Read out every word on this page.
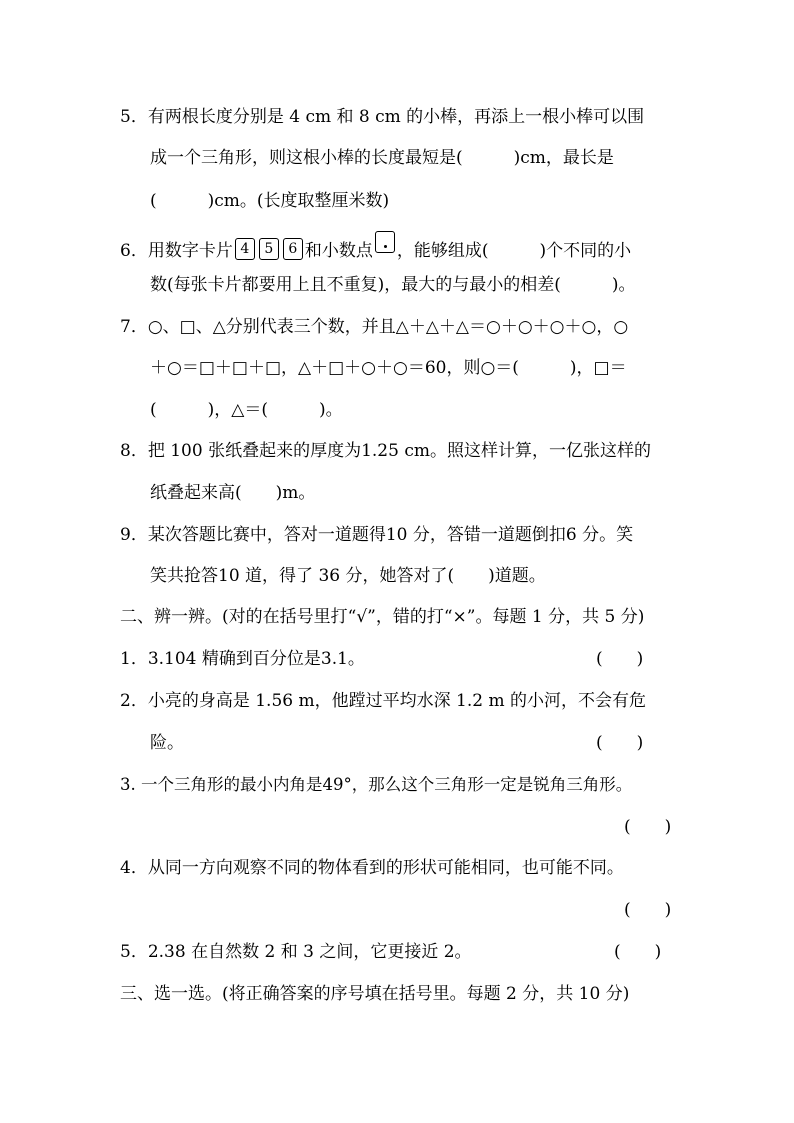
5．有两根长度分别是 4 cm 和 8 cm 的小棒，再添上一根小棒可以围
成一个三角形，则这根小棒的长度最短是(　　　)cm，最长是
(　　　)cm。(长度取整厘米数)
6．用数字卡片 4 5 6 和小数点 ，能够组成(　　　)个不同的小
数(每张卡片都要用上且不重复)，最大的与最小的相差(　　　)。
7．○、□、△分别代表三个数，并且△＋△＋△＝○＋○＋○＋○，○
＋○＝□＋□＋□，△＋□＋○＋○＝60，则○＝(　　　)，□＝
(　　　)，△＝(　　　)。
8．把 100 张纸叠起来的厚度为1.25 cm。照这样计算，一亿张这样的
纸叠起来高(　　)m。
9．某次答题比赛中，答对一道题得10 分，答错一道题倒扣6 分。笑
笑共抢答10 道，得了 36 分，她答对了(　　)道题。
二、辨一辨。(对的在括号里打“√”，错的打“×”。每题 1 分，共 5 分)
1．3.104 精确到百分位是3.1。	(　　)
2．小亮的身高是 1.56 m，他蹚过平均水深 1.2 m 的小河，不会有危
险。	(　　)
3. 一个三角形的最小内角是49°，那么这个三角形一定是锐角三角形。
(　　)
4．从同一方向观察不同的物体看到的形状可能相同，也可能不同。
(　　)
5．2.38 在自然数 2 和 3 之间，它更接近 2。	(　　)
三、选一选。(将正确答案的序号填在括号里。每题 2 分，共 10 分)
